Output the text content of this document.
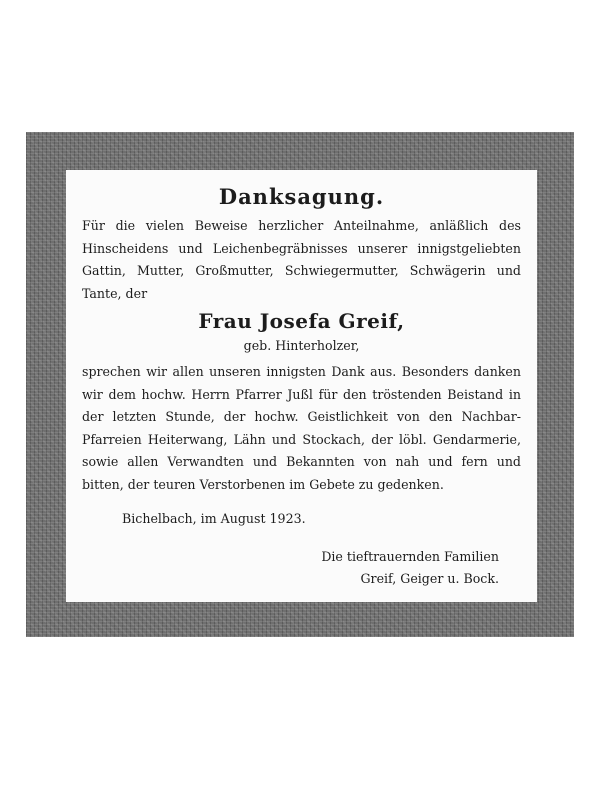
Danksagung.

Für die vielen Beweise herzlicher Anteilnahme, anläßlich des Hinscheidens und Leichenbegräbnisses unserer innigstgeliebten Gattin, Mutter, Großmutter, Schwiegermutter, Schwägerin und Tante, der

Frau Josefa Greif,
geb. Hinterholzer,

sprechen wir allen unseren innigsten Dank aus. Besonders danken wir dem hochw. Herrn Pfarrer Jußl für den tröstenden Beistand in der letzten Stunde, der hochw. Geistlichkeit von den Nachbar-Pfarreien Heiterwang, Lähn und Stockach, der löbl. Gendarmerie, sowie allen Verwandten und Bekannten von nah und fern und bitten, der teuren Verstorbenen im Gebete zu gedenken.

Bichelbach, im August 1923.
Die tieftrauernden Familien
Greif, Geiger u. Bock.
